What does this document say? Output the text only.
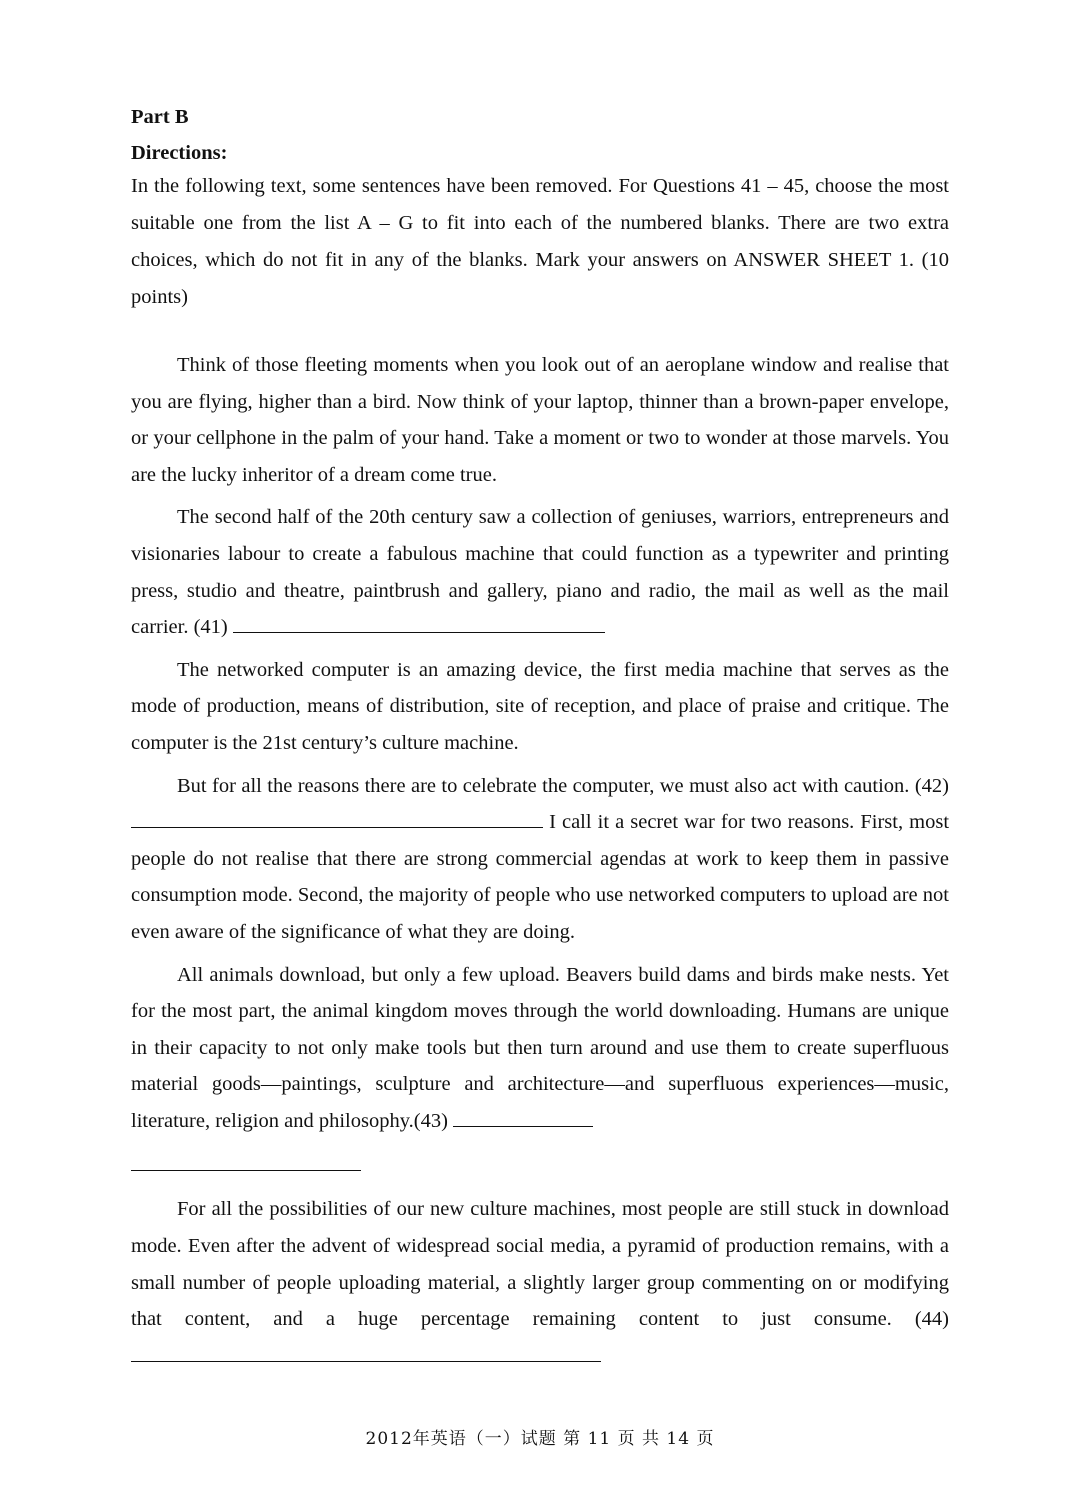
Part B
Directions:
In the following text, some sentences have been removed. For Questions 41 – 45, choose the most suitable one from the list A – G to fit into each of the numbered blanks. There are two extra choices, which do not fit in any of the blanks. Mark your answers on ANSWER SHEET 1. (10 points)

Think of those fleeting moments when you look out of an aeroplane window and realise that you are flying, higher than a bird. Now think of your laptop, thinner than a brown-paper envelope, or your cellphone in the palm of your hand. Take a moment or two to wonder at those marvels. You are the lucky inheritor of a dream come true.

The second half of the 20th century saw a collection of geniuses, warriors, entrepreneurs and visionaries labour to create a fabulous machine that could function as a typewriter and printing press, studio and theatre, paintbrush and gallery, piano and radio, the mail as well as the mail carrier. (41)

The networked computer is an amazing device, the first media machine that serves as the mode of production, means of distribution, site of reception, and place of praise and critique. The computer is the 21st century’s culture machine.

But for all the reasons there are to celebrate the computer, we must also act with caution. (42) I call it a secret war for two reasons. First, most people do not realise that there are strong commercial agendas at work to keep them in passive consumption mode. Second, the majority of people who use networked computers to upload are not even aware of the significance of what they are doing.

All animals download, but only a few upload. Beavers build dams and birds make nests. Yet for the most part, the animal kingdom moves through the world downloading. Humans are unique in their capacity to not only make tools but then turn around and use them to create superfluous material goods—paintings, sculpture and architecture—and superfluous experiences—music, literature, religion and philosophy.(43)

For all the possibilities of our new culture machines, most people are still stuck in download mode. Even after the advent of widespread social media, a pyramid of production remains, with a small number of people uploading material, a slightly larger group commenting on or modifying that content, and a huge percentage remaining content to just consume. (44)

2012年英语（一）试题 第 11 页 共 14 页
